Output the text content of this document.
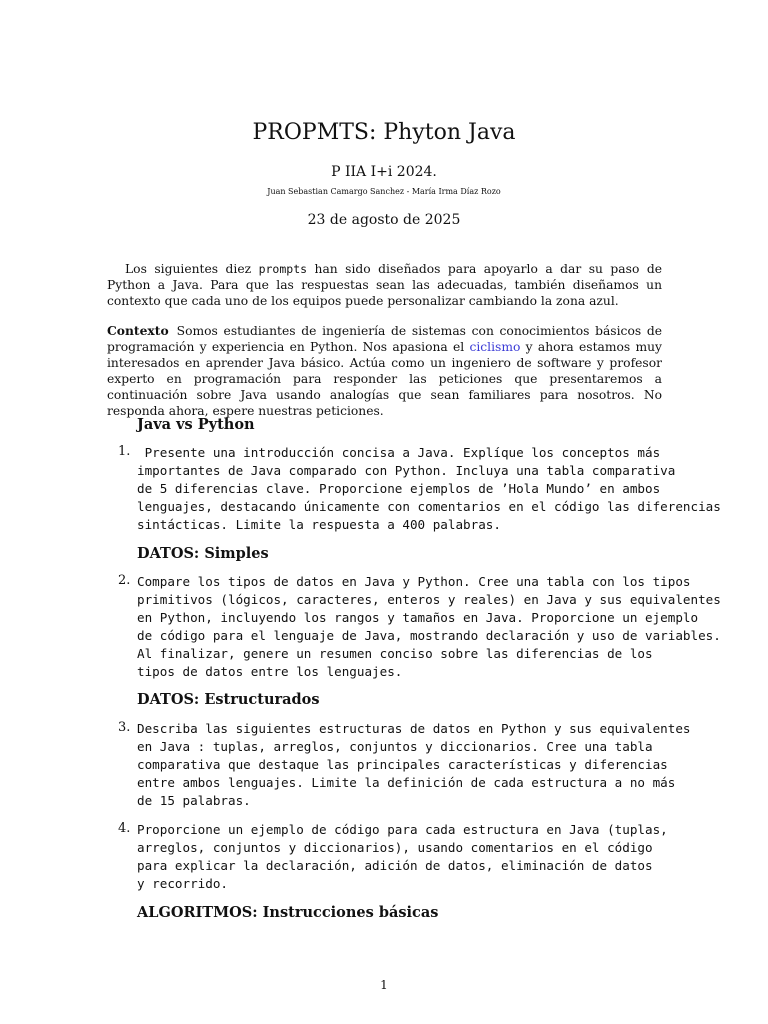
PROPMTS: Phyton Java
P IIA I+i 2024.
Juan Sebastian Camargo Sanchez - María Irma Díaz Rozo
23 de agosto de 2025

Los siguientes diez prompts han sido diseñados para apoyarlo a dar su paso de Python a Java. Para que las respuestas sean las adecuadas, también diseñamos un contexto que cada uno de los equipos puede personalizar cambiando la zona azul.

Contexto Somos estudiantes de ingeniería de sistemas con conocimientos básicos de programación y experiencia en Python. Nos apasiona el ciclismo y ahora estamos muy interesados en aprender Java básico. Actúa como un ingeniero de software y profesor experto en programación para responder las peticiones que presentaremos a continuación sobre Java usando analogías que sean familiares para nosotros. No responda ahora, espere nuestras peticiones.

Java vs Python
1.	Presente una introducción concisa a Java. Explíque los conceptos más
importantes de Java comparado con Python. Incluya una tabla comparativa
de 5 diferencias clave. Proporcione ejemplos de ’Hola Mundo’ en ambos
lenguajes, destacando únicamente con comentarios en el código las diferencias
sintácticas. Limite la respuesta a 400 palabras.
DATOS: Simples
2. Compare los tipos de datos en Java y Python. Cree una tabla con los tipos
primitivos (lógicos, caracteres, enteros y reales) en Java y sus equivalentes
en Python, incluyendo los rangos y tamaños en Java. Proporcione un ejemplo
de código para el lenguaje de Java, mostrando declaración y uso de variables.
Al finalizar, genere un resumen conciso sobre las diferencias de los
tipos de datos entre los lenguajes.
DATOS: Estructurados
3. Describa las siguientes estructuras de datos en Python y sus equivalentes
en Java : tuplas, arreglos, conjuntos y diccionarios. Cree una tabla
comparativa que destaque las principales características y diferencias
entre ambos lenguajes. Limite la definición de cada estructura a no más
de 15 palabras.
4. Proporcione un ejemplo de código para cada estructura en Java (tuplas,
arreglos, conjuntos y diccionarios), usando comentarios en el código
para explicar la declaración, adición de datos, eliminación de datos
y recorrido.
ALGORITMOS: Instrucciones básicas
1
